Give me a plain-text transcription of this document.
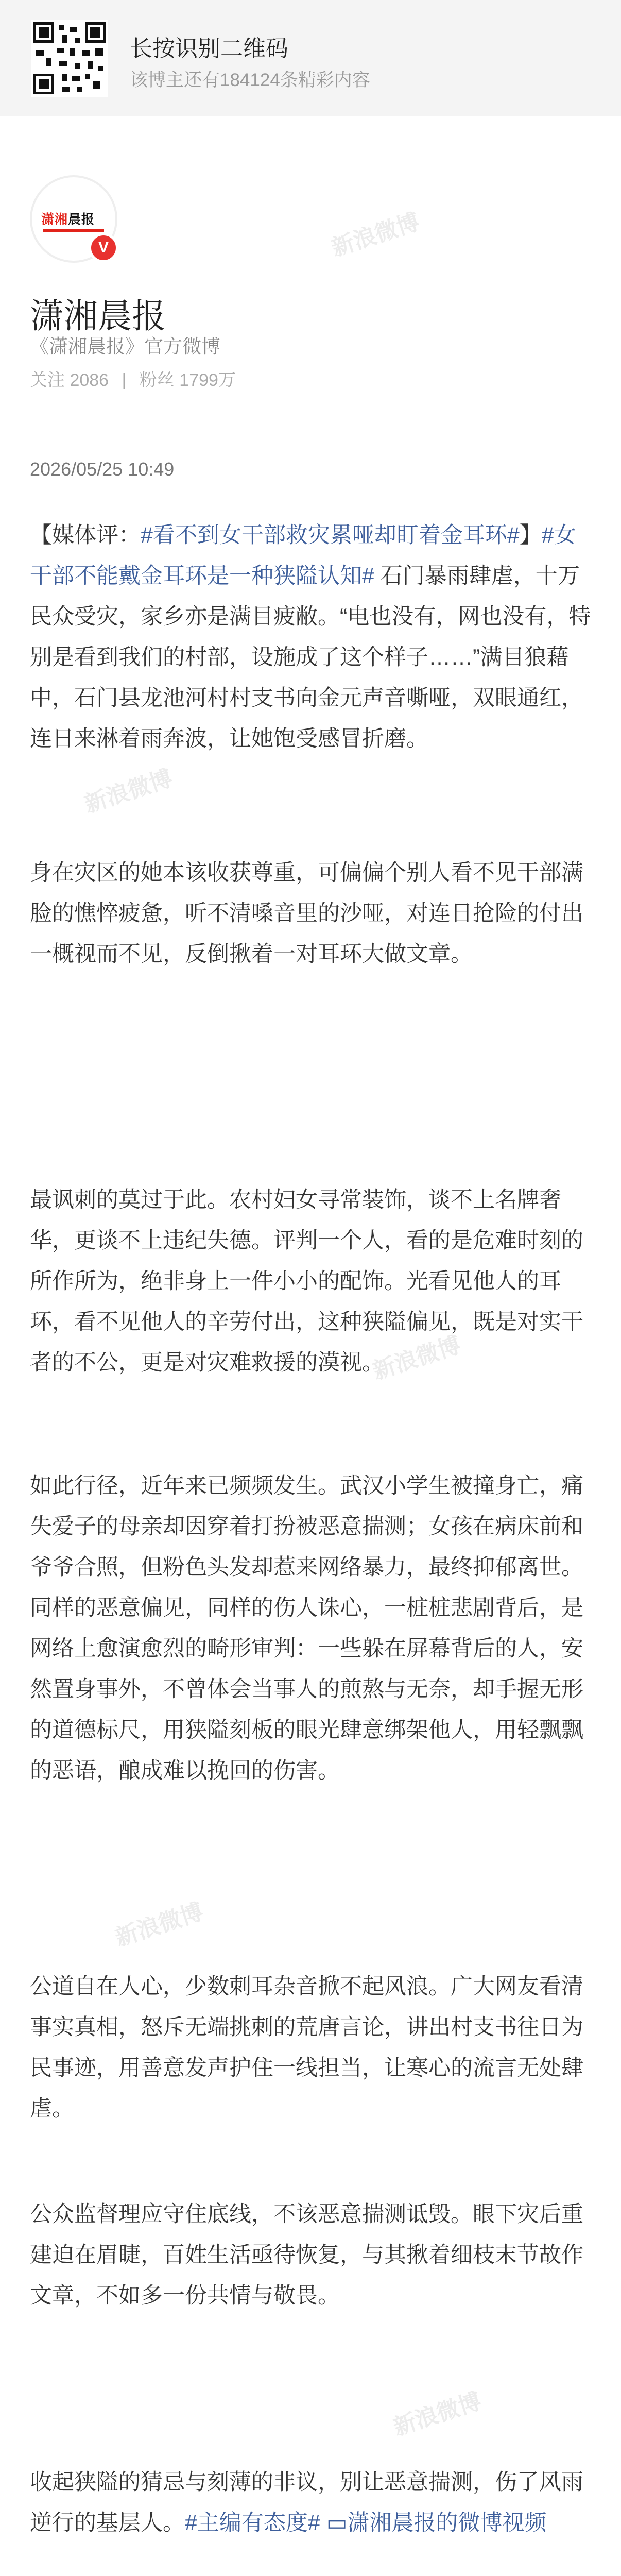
新浪微博
新浪微博
新浪微博
新浪微博
新浪微博
长按识别二维码
该博主还有184124条精彩内容
潇湘晨报
V
潇湘晨报
《潇湘晨报》官方微博
关注 2086 | 粉丝 1799万
2026/05/25 10:49

【媒体评：#看不到女干部救灾累哑却盯着金耳环#】#女干部不能戴金耳环是一种狭隘认知# 石门暴雨肆虐，十万民众受灾，家乡亦是满目疲敝。“电也没有，网也没有，特别是看到我们的村部，设施成了这个样子……”满目狼藉中，石门县龙池河村村支书向金元声音嘶哑，双眼通红，连日来淋着雨奔波，让她饱受感冒折磨。

身在灾区的她本该收获尊重，可偏偏个别人看不见干部满脸的憔悴疲惫，听不清嗓音里的沙哑，对连日抢险的付出一概视而不见，反倒揪着一对耳环大做文章。

最讽刺的莫过于此。农村妇女寻常装饰，谈不上名牌奢华，更谈不上违纪失德。评判一个人，看的是危难时刻的所作所为，绝非身上一件小小的配饰。光看见他人的耳环，看不见他人的辛劳付出，这种狭隘偏见，既是对实干者的不公，更是对灾难救援的漠视。

如此行径，近年来已频频发生。武汉小学生被撞身亡，痛失爱子的母亲却因穿着打扮被恶意揣测；女孩在病床前和爷爷合照，但粉色头发却惹来网络暴力，最终抑郁离世。同样的恶意偏见，同样的伤人诛心，一桩桩悲剧背后，是网络上愈演愈烈的畸形审判：一些躲在屏幕背后的人，安然置身事外，不曾体会当事人的煎熬与无奈，却手握无形的道德标尺，用狭隘刻板的眼光肆意绑架他人，用轻飘飘的恶语，酿成难以挽回的伤害。

公道自在人心，少数刺耳杂音掀不起风浪。广大网友看清事实真相，怒斥无端挑刺的荒唐言论，讲出村支书往日为民事迹，用善意发声护住一线担当，让寒心的流言无处肆虐。

公众监督理应守住底线，不该恶意揣测诋毁。眼下灾后重建迫在眉睫，百姓生活亟待恢复，与其揪着细枝末节故作文章，不如多一份共情与敬畏。

收起狭隘的猜忌与刻薄的非议，别让恶意揣测，伤了风雨逆行的基层人。#主编有态度# ▭潇湘晨报的微博视频
